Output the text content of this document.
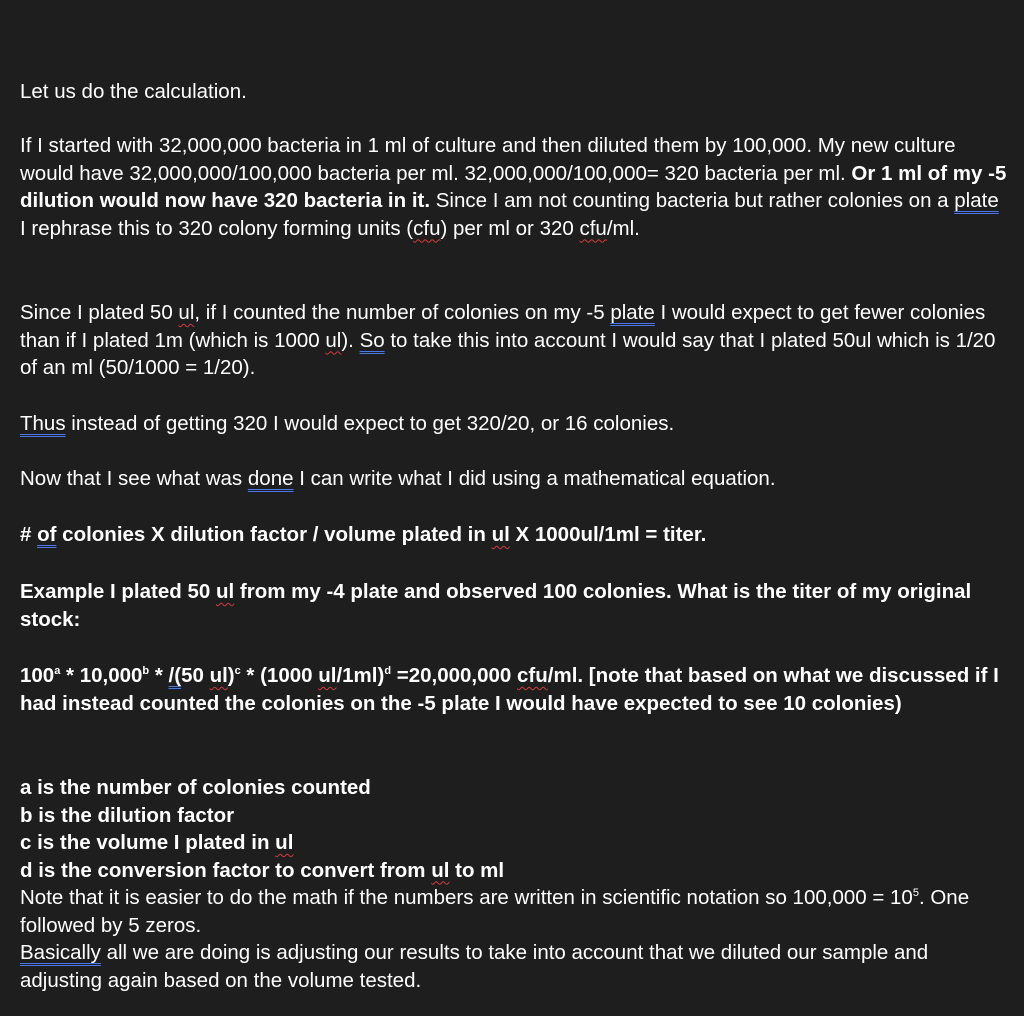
Let us do the calculation.

If I started with 32,000,000 bacteria in 1 ml of culture and then diluted them by 100,000. My new culture would have 32,000,000/100,000 bacteria per ml. 32,000,000/100,000= 320 bacteria per ml. Or 1 ml of my -5 dilution would now have 320 bacteria in it. Since I am not counting bacteria but rather colonies on a plate I rephrase this to 320 colony forming units (cfu) per ml or 320 cfu/ml.

Since I plated 50 ul, if I counted the number of colonies on my -5 plate I would expect to get fewer colonies than if I plated 1m (which is 1000 ul). So to take this into account I would say that I plated 50ul which is 1/20 of an ml (50/1000 = 1/20).

Thus instead of getting 320 I would expect to get 320/20, or 16 colonies.

Now that I see what was done I can write what I did using a mathematical equation.

# of colonies X dilution factor / volume plated in ul X 1000ul/1ml = titer.

Example I plated 50 ul from my -4 plate and observed 100 colonies. What is the titer of my original stock:

100$^a$ * 10,000$^b$ * /(50 ul)$^c$ * (1000 ul/1ml)$^d$ =20,000,000 cfu/ml. [note that based on what we discussed if I had instead counted the colonies on the -5 plate I would have expected to see 10 colonies)

a is the number of colonies counted
b is the dilution factor
c is the volume I plated in ul
d is the conversion factor to convert from ul to ml
Note that it is easier to do the math if the numbers are written in scientific notation so $100,000 = 10^5$. One followed by 5 zeros.
Basically all we are doing is adjusting our results to take into account that we diluted our sample and adjusting again based on the volume tested.
